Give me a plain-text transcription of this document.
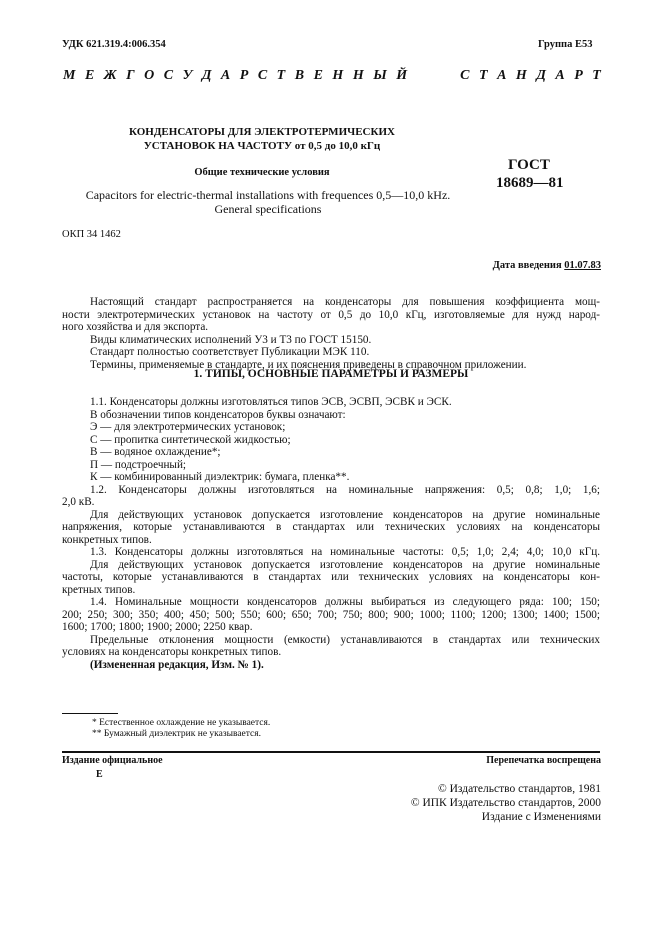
УДК 621.319.4:006.354	Группа Е53
М Е Ж Г О С У Д А Р С Т В Е Н Н Ы Й	С Т А Н Д А Р Т
КОНДЕНСАТОРЫ ДЛЯ ЭЛЕКТРОТЕРМИЧЕСКИХ
УСТАНОВОК НА ЧАСТОТУ от 0,5 до 10,0 кГц
Общие технические условия
Capacitors for electric-thermal installations with frequences 0,5—10,0 kHz.
General specifications
ГОСТ
18689—81
ОКП 34 1462
Дата введения 01.07.83
Настоящий стандарт распространяется на конденсаторы для повышения коэффициента мощ-
ности электротермических установок на частоту от 0,5 до 10,0 кГц, изготовляемые для нужд народ-
ного хозяйства и для экспорта.
Виды климатических исполнений У3 и Т3 по ГОСТ 15150.
Стандарт полностью соответствует Публикации МЭК 110.
Термины, применяемые в стандарте, и их пояснения приведены в справочном приложении.
1. ТИПЫ, ОСНОВНЫЕ ПАРАМЕТРЫ И РАЗМЕРЫ
1.1. Конденсаторы должны изготовляться типов ЭСВ, ЭСВП, ЭСВК и ЭСК.
В обозначении типов конденсаторов буквы означают:
Э — для электротермических установок;
С — пропитка синтетической жидкостью;
В — водяное охлаждение*;
П — подстроечный;
К — комбинированный диэлектрик: бумага, пленка**.
1.2. Конденсаторы должны изготовляться на номинальные напряжения: 0,5; 0,8; 1,0; 1,6;
2,0 кВ.
Для действующих установок допускается изготовление конденсаторов на другие номинальные
напряжения, которые устанавливаются в стандартах или технических условиях на конденсаторы
конкретных типов.
1.3. Конденсаторы должны изготовляться на номинальные частоты: 0,5; 1,0; 2,4; 4,0; 10,0 кГц.
Для действующих установок допускается изготовление конденсаторов на другие номинальные
частоты, которые устанавливаются в стандартах или технических условиях на конденсаторы кон-
кретных типов.
1.4. Номинальные мощности конденсаторов должны выбираться из следующего ряда: 100; 150;
200; 250; 300; 350; 400; 450; 500; 550; 600; 650; 700; 750; 800; 900; 1000; 1100; 1200; 1300; 1400; 1500;
1600; 1700; 1800; 1900; 2000; 2250 квар.
Предельные отклонения мощности (емкости) устанавливаются в стандартах или технических
условиях на конденсаторы конкретных типов.
(Измененная редакция, Изм. № 1).
* Естественное охлаждение не указывается.
** Бумажный диэлектрик не указывается.
Издание официальное
Е
Перепечатка воспрещена
© Издательство стандартов, 1981
© ИПК Издательство стандартов, 2000
Издание с Изменениями
